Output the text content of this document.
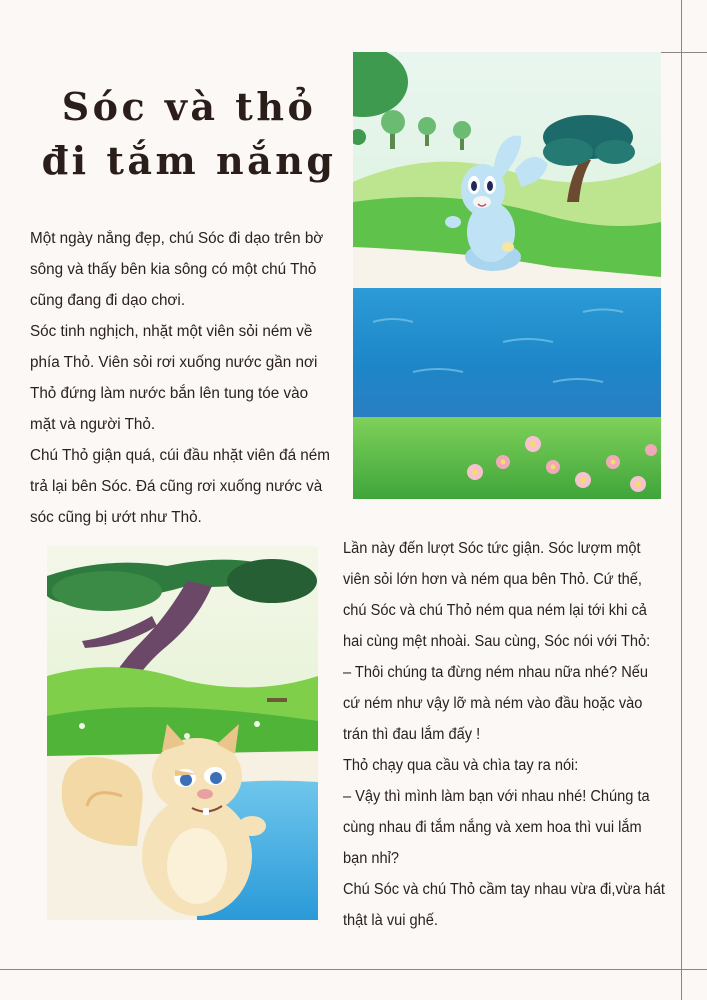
Sóc và thỏ
đi tắm nắng

Một ngày nắng đẹp, chú Sóc đi dạo trên bờ
sông và thấy bên kia sông có một chú Thỏ
cũng đang đi dạo chơi.

Sóc tinh nghịch, nhặt một viên sỏi ném về
phía Thỏ. Viên sỏi rơi xuống nước gần nơi
Thỏ đứng làm nước bắn lên tung tóe vào
mặt và người Thỏ.

Chú Thỏ giận quá, cúi đầu nhặt viên đá ném
trả lại bên Sóc. Đá cũng rơi xuống nước và
sóc cũng bị ướt như Thỏ.

Lần này đến lượt Sóc tức giận. Sóc lượm một
viên sỏi lớn hơn và ném qua bên Thỏ. Cứ thế,
chú Sóc và chú Thỏ ném qua ném lại tới khi cả
hai cùng mệt nhoài. Sau cùng, Sóc nói với Thỏ:

– Thôi chúng ta đừng ném nhau nữa nhé? Nếu
cứ ném như vậy lỡ mà ném vào đầu hoặc vào
trán thì đau lắm đấy !

Thỏ chạy qua cầu và chìa tay ra nói:

– Vậy thì mình làm bạn với nhau nhé! Chúng ta
cùng nhau đi tắm nắng và xem hoa thì vui lắm
bạn nhỉ?

Chú Sóc và chú Thỏ cầm tay nhau vừa đi,vừa hát
thật là vui ghế.
